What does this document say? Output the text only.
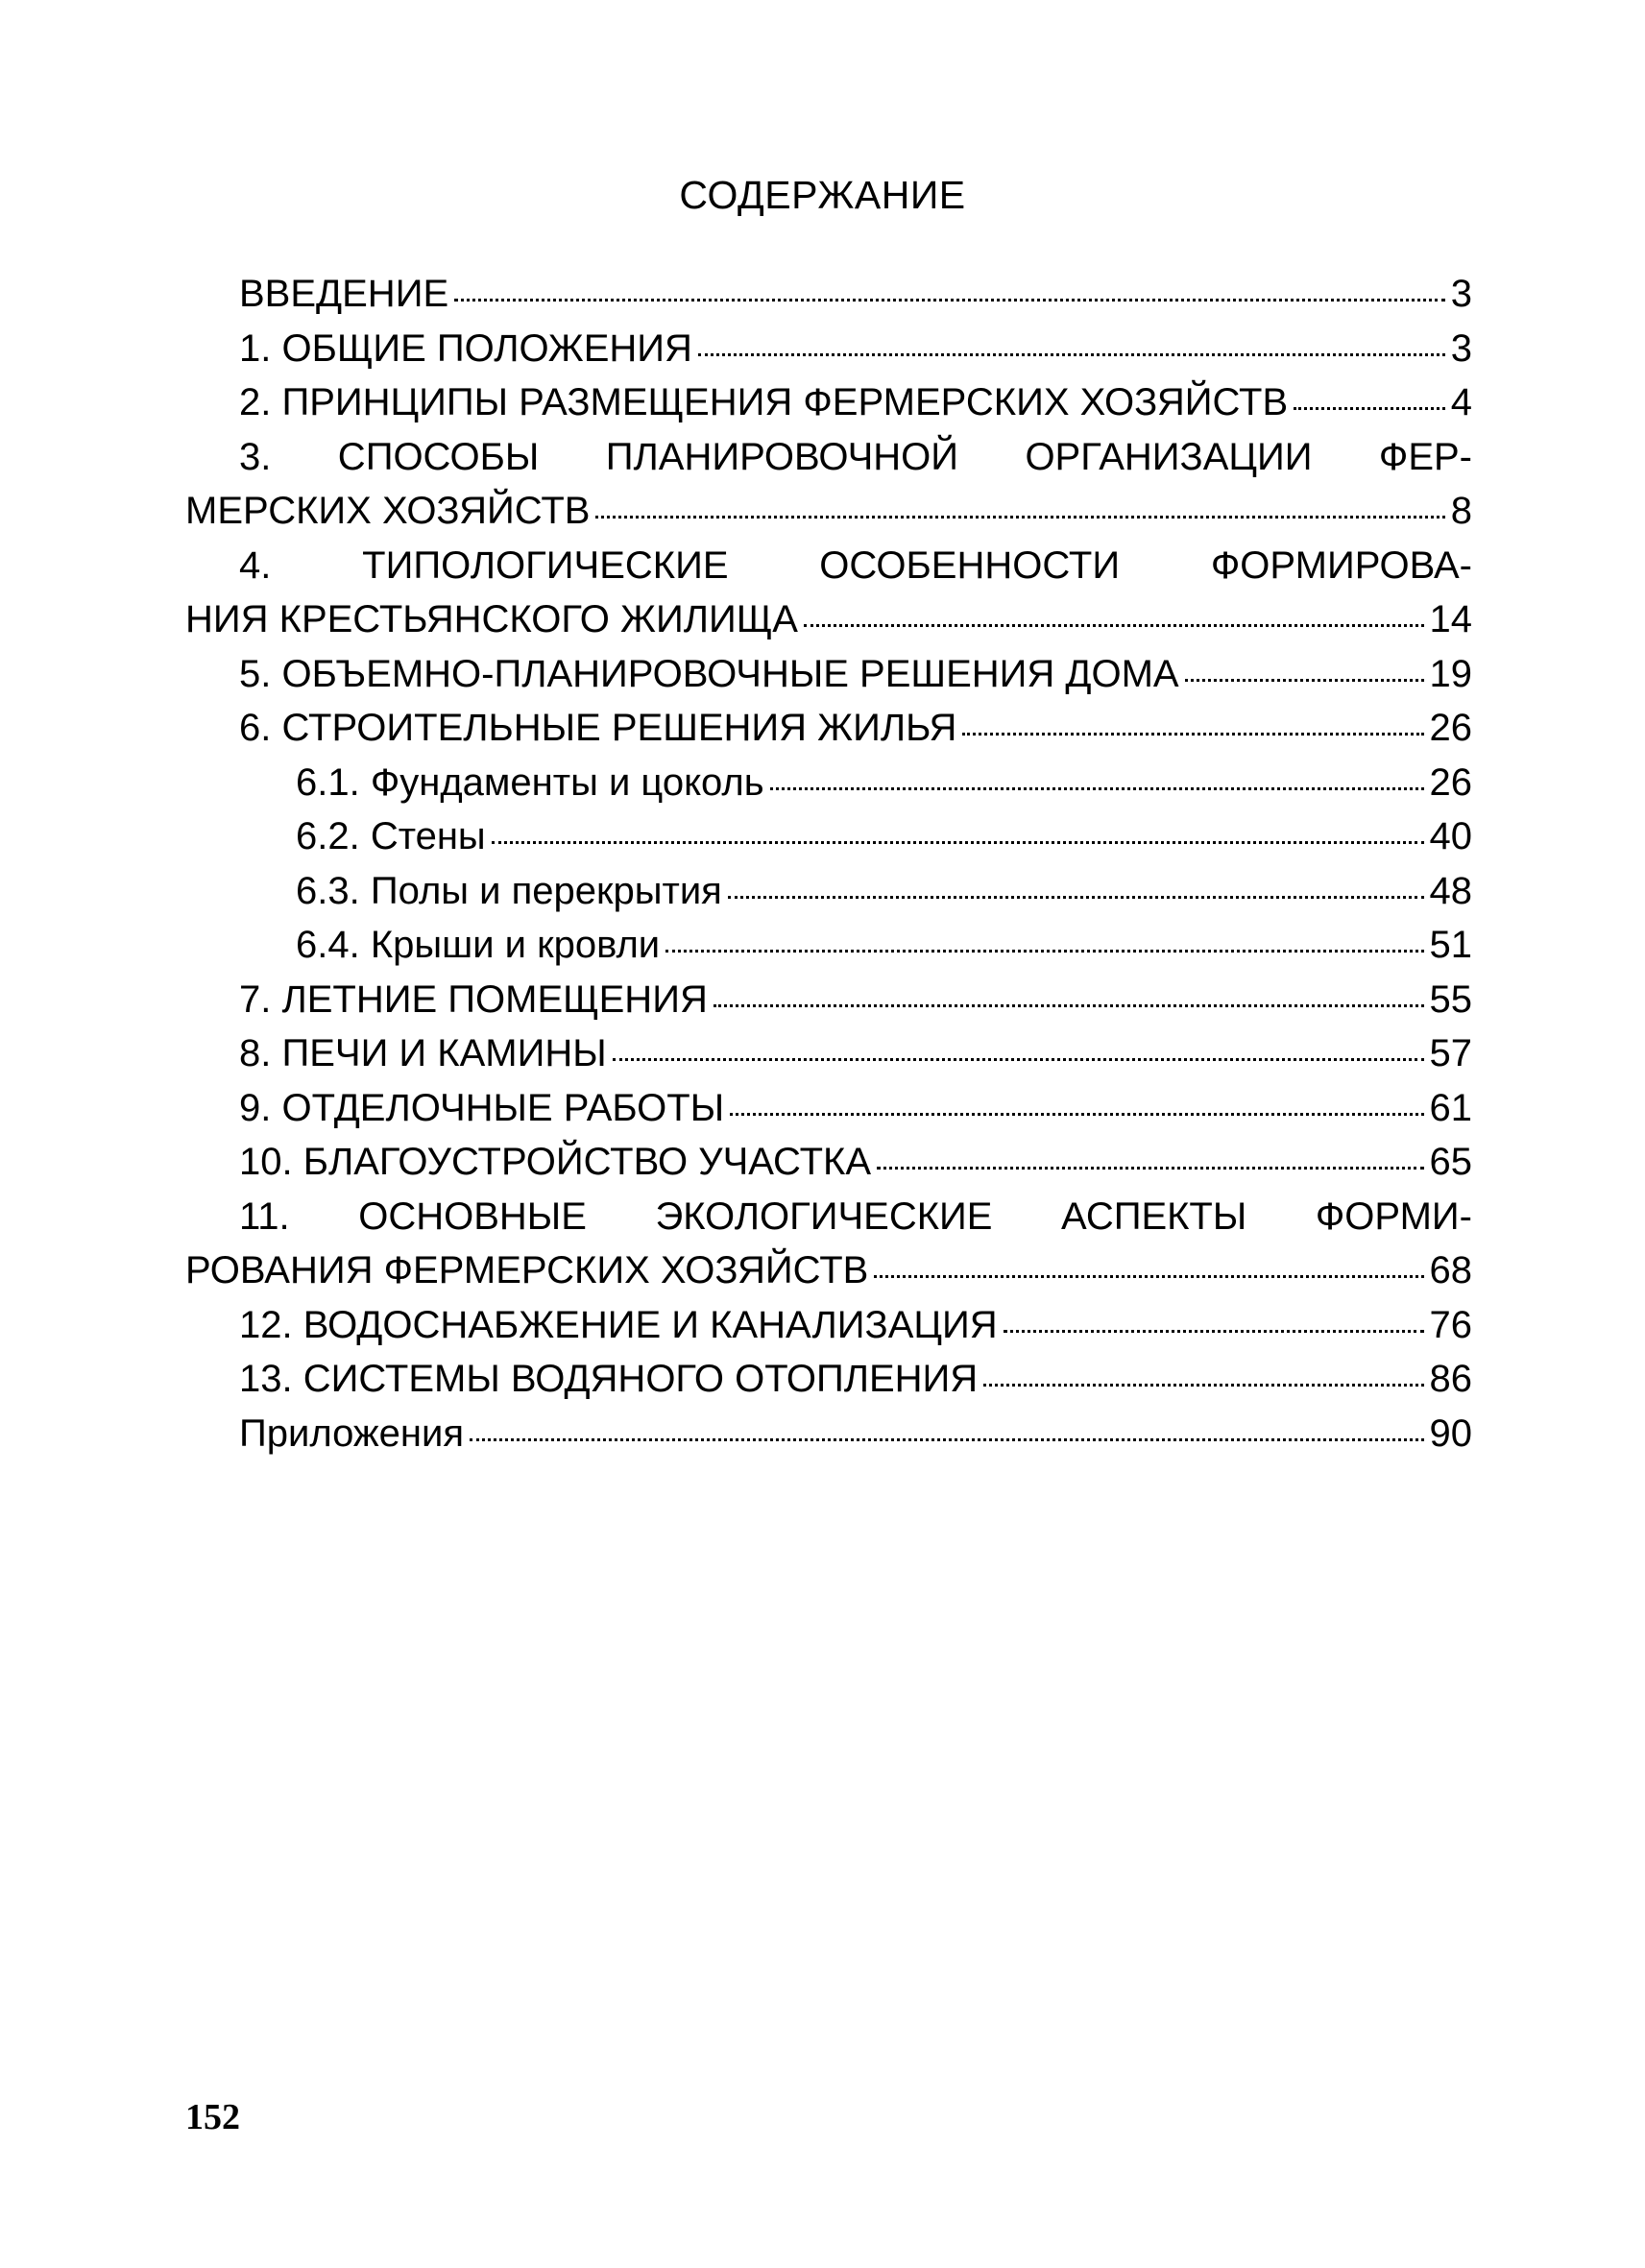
СОДЕРЖАНИЕ
ВВЕДЕНИЕ	3
1. ОБЩИЕ ПОЛОЖЕНИЯ	3
2. ПРИНЦИПЫ РАЗМЕЩЕНИЯ ФЕРМЕРСКИХ ХОЗЯЙСТВ	4
3. СПОСОБЫ ПЛАНИРОВОЧНОЙ ОРГАНИЗАЦИИ ФЕР-
МЕРСКИХ ХОЗЯЙСТВ	8
4. ТИПОЛОГИЧЕСКИЕ ОСОБЕННОСТИ ФОРМИРОВА-
НИЯ КРЕСТЬЯНСКОГО ЖИЛИЩА	14
5. ОБЪЕМНО-ПЛАНИРОВОЧНЫЕ РЕШЕНИЯ ДОМА	19
6. СТРОИТЕЛЬНЫЕ РЕШЕНИЯ ЖИЛЬЯ	26
6.1. Фундаменты и цоколь	26
6.2. Стены	40
6.3. Полы и перекрытия	48
6.4. Крыши и кровли	51
7. ЛЕТНИЕ ПОМЕЩЕНИЯ	55
8. ПЕЧИ И КАМИНЫ	57
9. ОТДЕЛОЧНЫЕ РАБОТЫ	61
10. БЛАГОУСТРОЙСТВО УЧАСТКА	65
11. ОСНОВНЫЕ ЭКОЛОГИЧЕСКИЕ АСПЕКТЫ ФОРМИ-
РОВАНИЯ ФЕРМЕРСКИХ ХОЗЯЙСТВ	68
12. ВОДОСНАБЖЕНИЕ И КАНАЛИЗАЦИЯ	76
13. СИСТЕМЫ ВОДЯНОГО ОТОПЛЕНИЯ	86
Приложения	90
152
